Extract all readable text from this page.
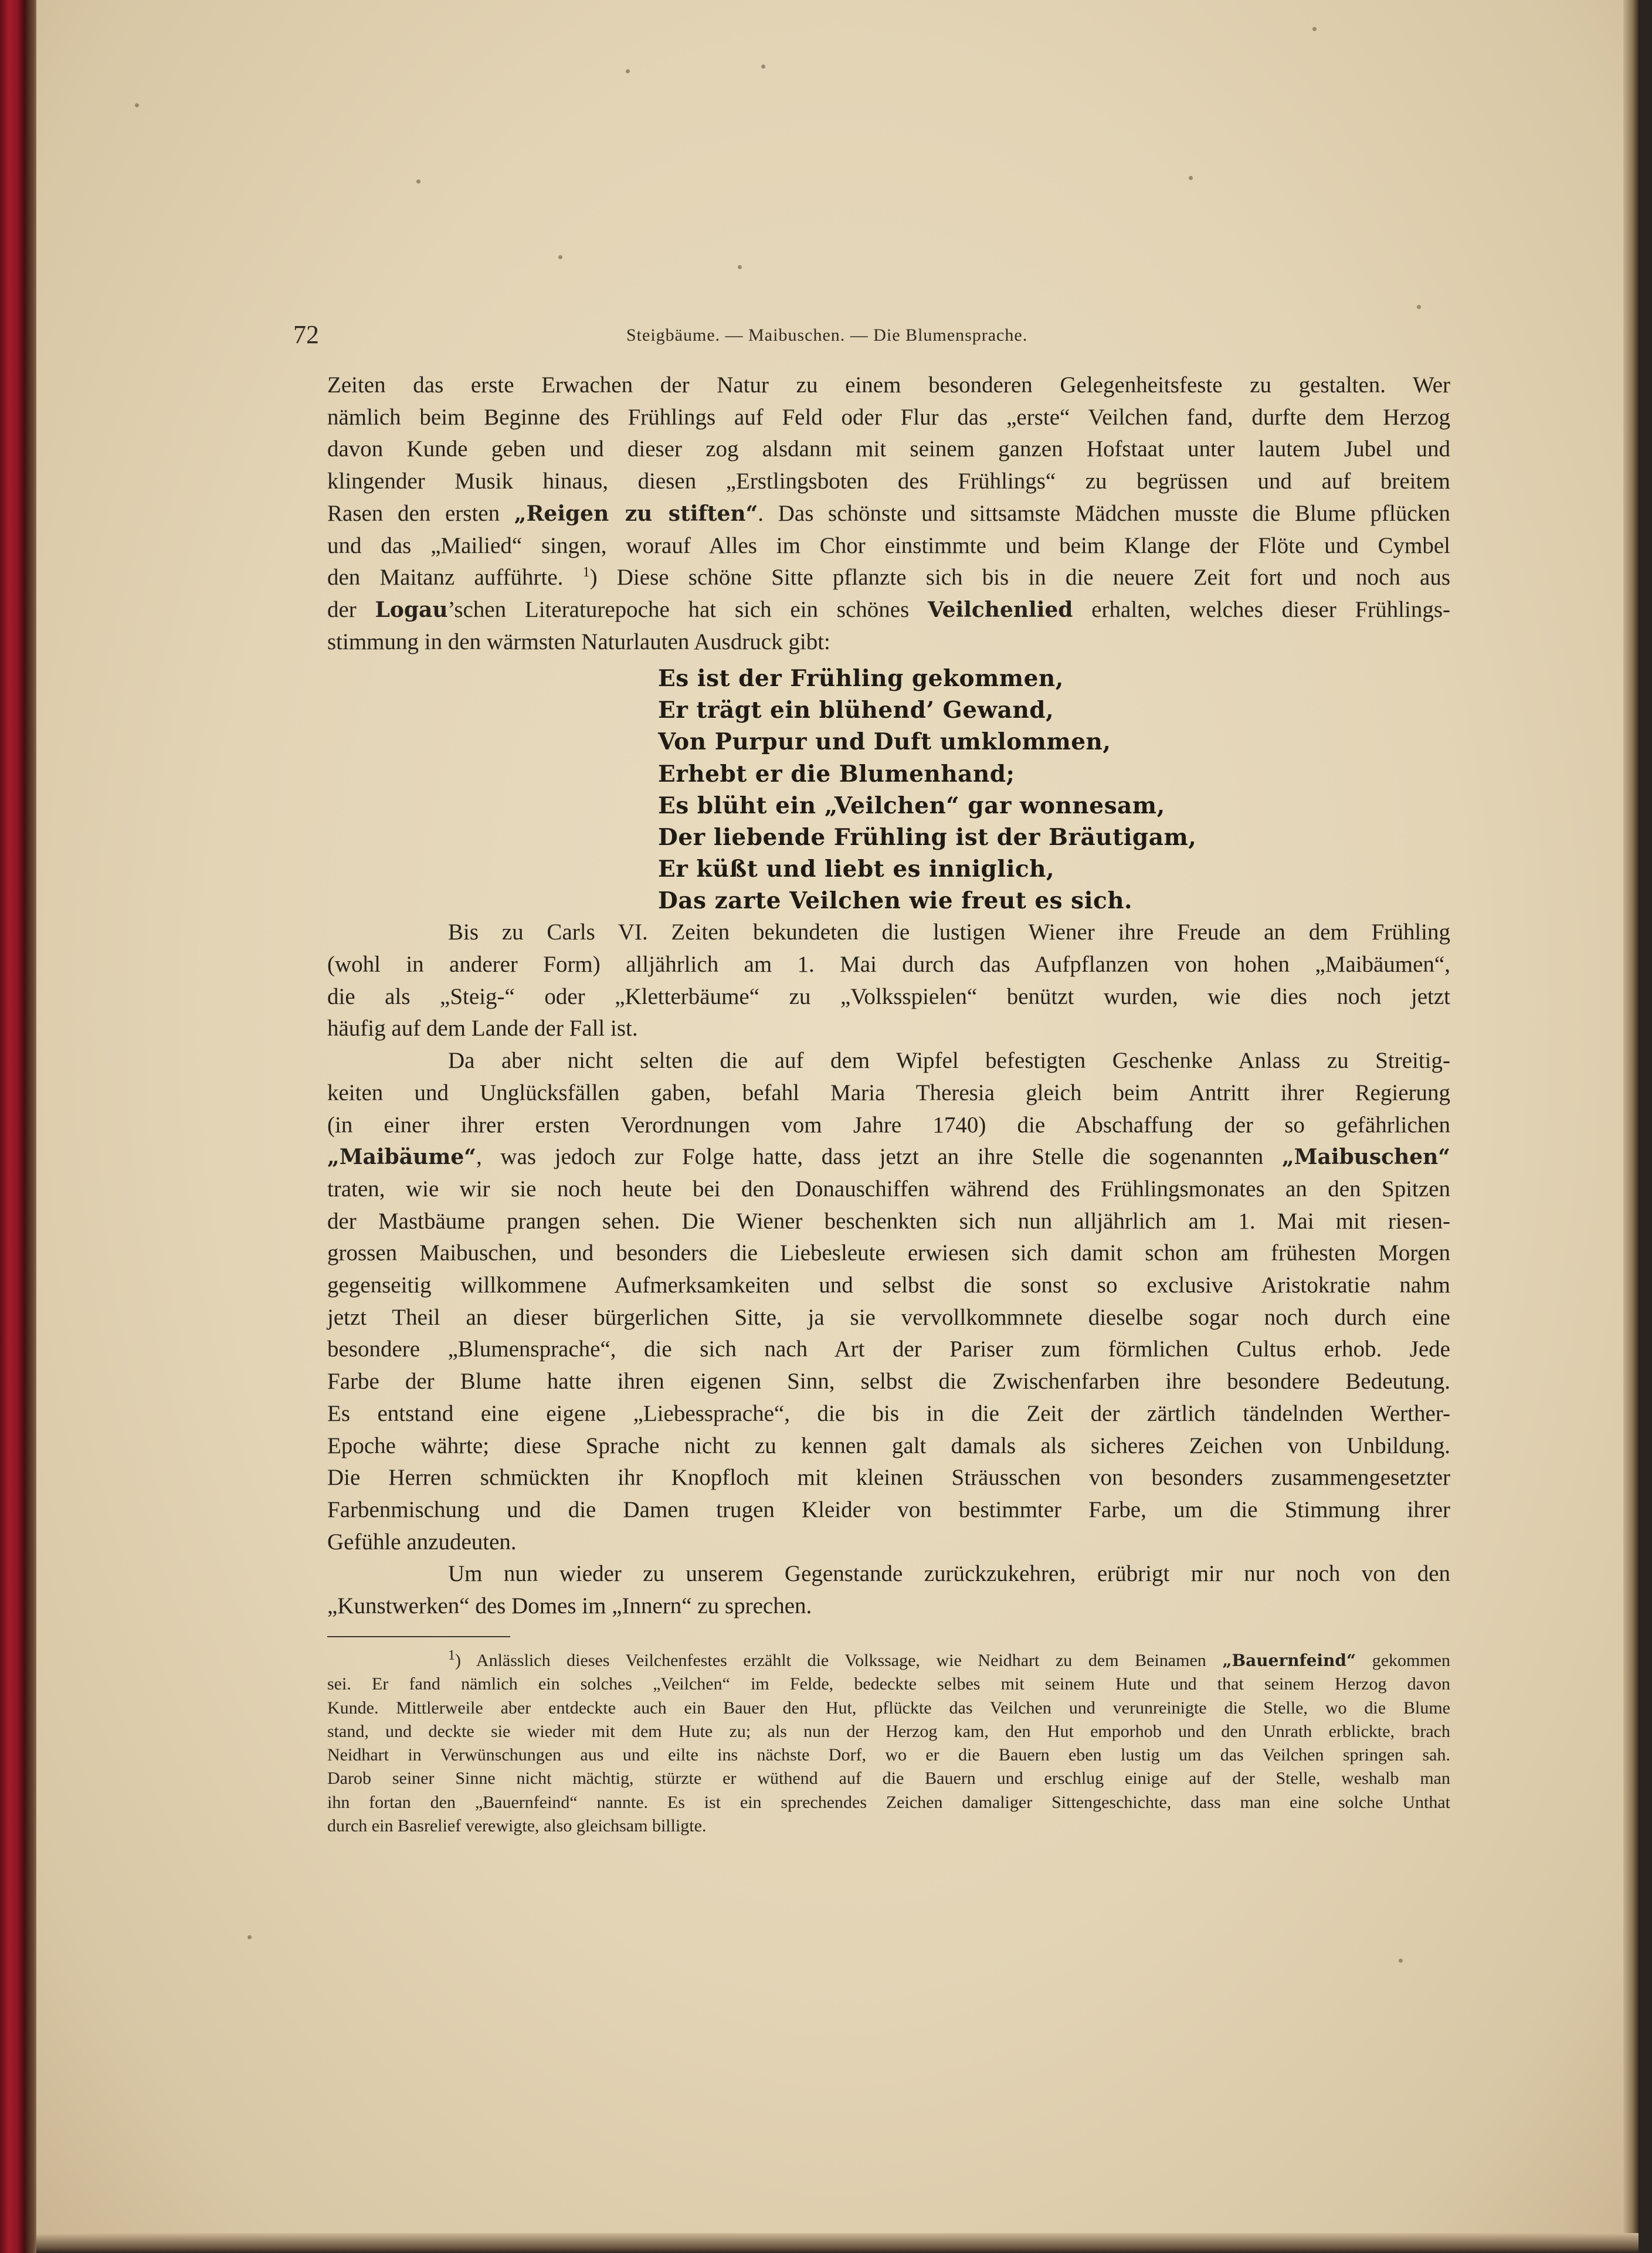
72	Steigbäume. — Maibuschen. — Die Blumensprache.

Zeiten das erste Erwachen der Natur zu einem besonderen Gelegenheitsfeste zu gestalten. Wer

nämlich beim Beginne des Frühlings auf Feld oder Flur das „erste“ Veilchen fand, durfte dem Herzog

davon Kunde geben und dieser zog alsdann mit seinem ganzen Hofstaat unter lautem Jubel und

klingender Musik hinaus, diesen „Erstlingsboten des Frühlings“ zu begrüssen und auf breitem

Rasen den ersten „Reigen zu stiften“. Das schönste und sittsamste Mädchen musste die Blume pflücken

und das „Mailied“ singen, worauf Alles im Chor einstimmte und beim Klange der Flöte und Cymbel

den Maitanz aufführte. $^1$) Diese schöne Sitte pflanzte sich bis in die neuere Zeit fort und noch aus

der Logau’schen Literaturepoche hat sich ein schönes Veilchenlied erhalten, welches dieser Frühlings-

stimmung in den wärmsten Naturlauten Ausdruck gibt:

Bis zu Carls VI. Zeiten bekundeten die lustigen Wiener ihre Freude an dem Frühling

(wohl in anderer Form) alljährlich am 1. Mai durch das Aufpflanzen von hohen „Maibäumen“,

die als „Steig-“ oder „Kletterbäume“ zu „Volksspielen“ benützt wurden, wie dies noch jetzt

häufig auf dem Lande der Fall ist.

Da aber nicht selten die auf dem Wipfel befestigten Geschenke Anlass zu Streitig-

keiten und Unglücksfällen gaben, befahl Maria Theresia gleich beim Antritt ihrer Regierung

(in einer ihrer ersten Verordnungen vom Jahre 1740) die Abschaffung der so gefährlichen

„Maibäume“, was jedoch zur Folge hatte, dass jetzt an ihre Stelle die sogenannten „Maibuschen“

traten, wie wir sie noch heute bei den Donauschiffen während des Frühlingsmonates an den Spitzen

der Mastbäume prangen sehen. Die Wiener beschenkten sich nun alljährlich am 1. Mai mit riesen-

grossen Maibuschen, und besonders die Liebesleute erwiesen sich damit schon am frühesten Morgen

gegenseitig willkommene Aufmerksamkeiten und selbst die sonst so exclusive Aristokratie nahm

jetzt Theil an dieser bürgerlichen Sitte, ja sie vervollkommnete dieselbe sogar noch durch eine

besondere „Blumensprache“, die sich nach Art der Pariser zum förmlichen Cultus erhob. Jede

Farbe der Blume hatte ihren eigenen Sinn, selbst die Zwischenfarben ihre besondere Bedeutung.

Es entstand eine eigene „Liebessprache“, die bis in die Zeit der zärtlich tändelnden Werther-

Epoche währte; diese Sprache nicht zu kennen galt damals als sicheres Zeichen von Unbildung.

Die Herren schmückten ihr Knopfloch mit kleinen Sträusschen von besonders zusammengesetzter

Farbenmischung und die Damen trugen Kleider von bestimmter Farbe, um die Stimmung ihrer

Gefühle anzudeuten.

Um nun wieder zu unserem Gegenstande zurückzukehren, erübrigt mir nur noch von den

„Kunstwerken“ des Domes im „Innern“ zu sprechen.

Es ist der Frühling gekommen,
Er trägt ein blühend’ Gewand,
Von Purpur und Duft umklommen,
Erhebt er die Blumenhand;
Es blüht ein „Veilchen“ gar wonnesam,
Der liebende Frühling ist der Bräutigam,
Er küßt und liebt es inniglich,
Das zarte Veilchen wie freut es sich.

$^1$) Anlässlich dieses Veilchenfestes erzählt die Volkssage, wie Neidhart zu dem Beinamen „Bauernfeind“ gekommen

sei. Er fand nämlich ein solches „Veilchen“ im Felde, bedeckte selbes mit seinem Hute und that seinem Herzog davon

Kunde. Mittlerweile aber entdeckte auch ein Bauer den Hut, pflückte das Veilchen und verunreinigte die Stelle, wo die Blume

stand, und deckte sie wieder mit dem Hute zu; als nun der Herzog kam, den Hut emporhob und den Unrath erblickte, brach

Neidhart in Verwünschungen aus und eilte ins nächste Dorf, wo er die Bauern eben lustig um das Veilchen springen sah.

Darob seiner Sinne nicht mächtig, stürzte er wüthend auf die Bauern und erschlug einige auf der Stelle, weshalb man

ihn fortan den „Bauernfeind“ nannte. Es ist ein sprechendes Zeichen damaliger Sittengeschichte, dass man eine solche Unthat

durch ein Basrelief verewigte, also gleichsam billigte.
